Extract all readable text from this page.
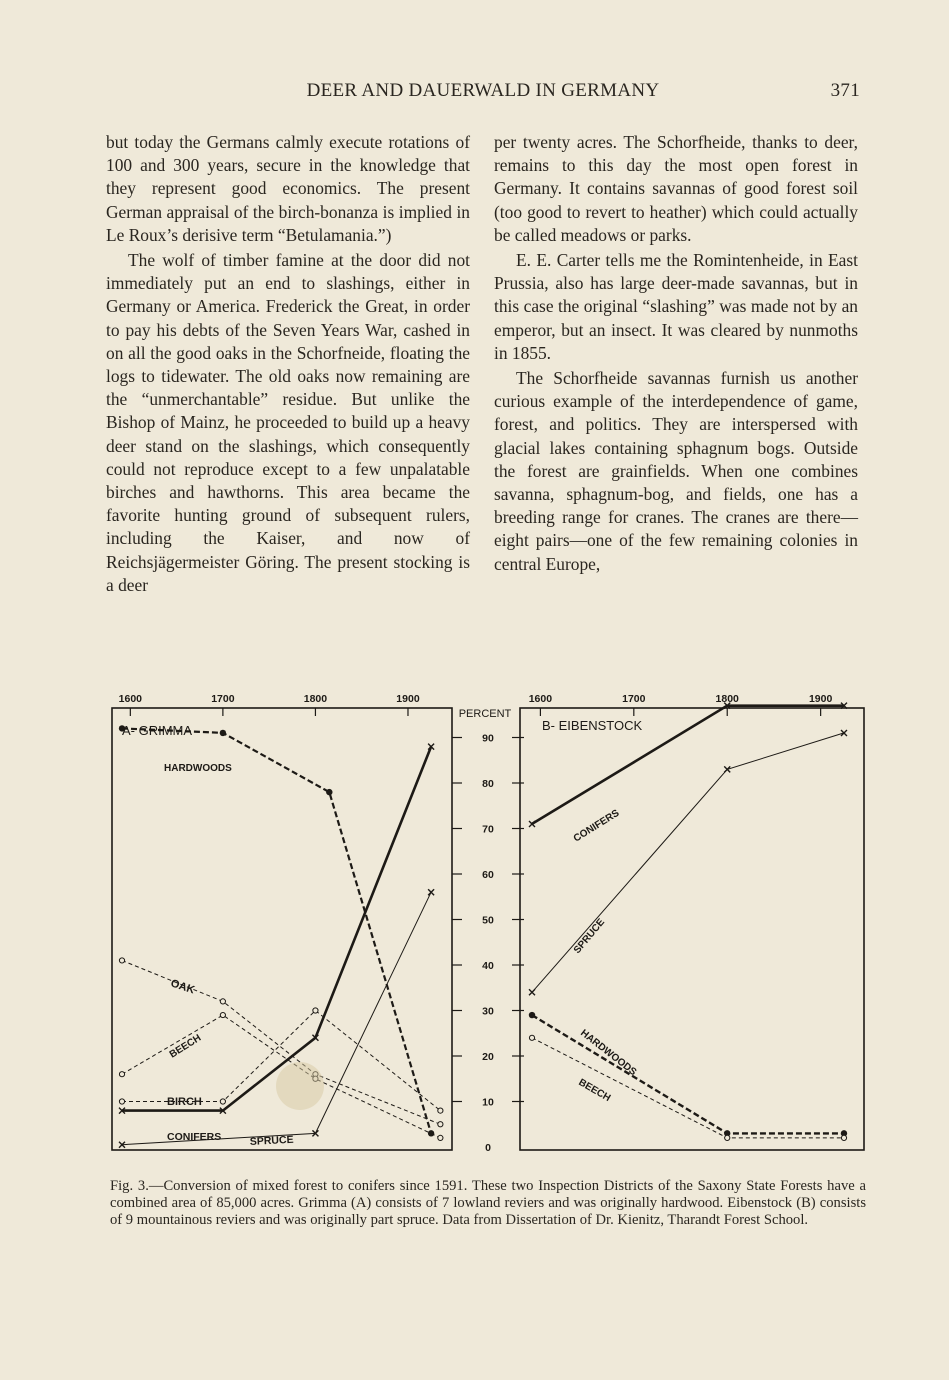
DEER AND DAUERWALD IN GERMANY	371

but today the Germans calmly execute rotations of 100 and 300 years, secure in the knowledge that they represent good economics. The present German appraisal of the birch-bonanza is implied in Le Roux’s derisive term “Betulamania.”)

The wolf of timber famine at the door did not immediately put an end to slashings, either in Germany or America. Frederick the Great, in order to pay his debts of the Seven Years War, cashed in on all the good oaks in the Schorfneide, floating the logs to tidewater. The old oaks now remaining are the “unmerchantable” residue. But unlike the Bishop of Mainz, he proceeded to build up a heavy deer stand on the slashings, which consequently could not reproduce except to a few unpalatable birches and hawthorns. This area became the favorite hunting ground of subsequent rulers, including the Kaiser, and now of Reichsjägermeister Göring. The present stocking is a deer

per twenty acres. The Schorfheide, thanks to deer, remains to this day the most open forest in Germany. It contains savannas of good forest soil (too good to revert to heather) which could actually be called meadows or parks.

E. E. Carter tells me the Romintenheide, in East Prussia, also has large deer-made savannas, but in this case the original “slashing” was made not by an emperor, but an insect. It was cleared by nunmoths in 1855.

The Schorfheide savannas furnish us another curious example of the interdependence of game, forest, and politics. They are interspersed with glacial lakes containing sphagnum bogs. Outside the forest are grainfields. When one combines savanna, sphagnum-bog, and fields, one has a breeding range for cranes. The cranes are there—eight pairs—one of the few remaining colonies in central Europe,

1600	1700	1800	1900	1600	1700	1800	1900
0
10
20
30
40
50
60
70
80
90
A- GRIMMA	B- EIBENSTOCK
PERCENT
HARDWOODS
OAK
BEECH
BIRCH
CONIFERS	SPRUCE
CONIFERS
SPRUCE
HARDWOODS
BEECH
Fig. 3.—Conversion of mixed forest to conifers since 1591. These two Inspection Districts of the Saxony State Forests have a combined area of 85,000 acres. Grimma (A) consists of 7 lowland reviers and was originally hardwood. Eibenstock (B) consists of 9 mountainous reviers and was originally part spruce. Data from Dissertation of Dr. Kienitz, Tharandt Forest School.
